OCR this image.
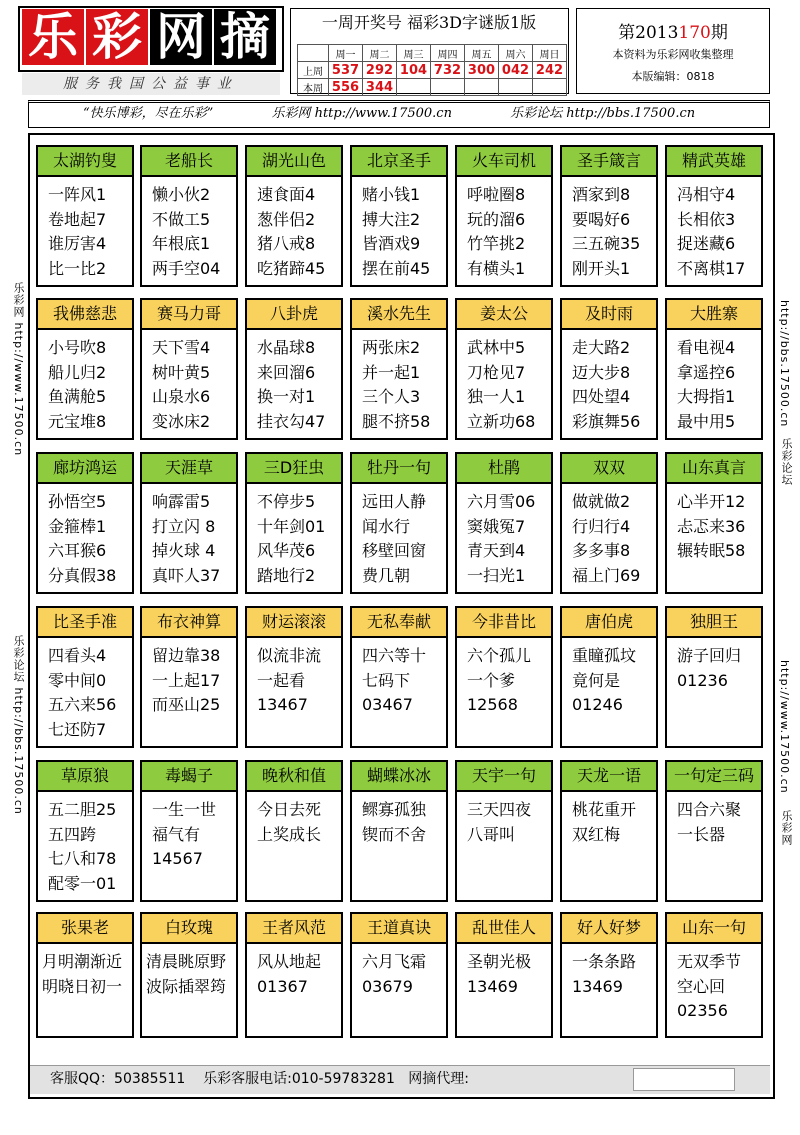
乐 彩 网 摘
服务我国公益事业
一周开奖号 福彩3D字谜版1版
	周一	周二	周三	周四	周五	周六	周日
上周	537	292	104	732	300	042	242
本周	556	344					
第2013170期
本资料为乐彩网收集整理
本版编辑：0818
“快乐博彩，尽在乐彩”	乐彩网 http://www.17500.cn	乐彩论坛 http://bbs.17500.cn
乐彩网 http://www.17500.cn
乐彩论坛 http://bbs.17500.cn
http://bbs.17500.cn
乐彩论坛
http://www.17500.cn
乐彩网
太湖钓叟
一阵风1
卷地起7
谁厉害4
比一比2
老船长
懒小伙2
不做工5
年根底1
两手空04
湖光山色
速食面4
葱伴侣2
猪八戒8
吃猪蹄45
北京圣手
赌小钱1
搏大注2
皆酒戏9
摆在前45
火车司机
呼啦圈8
玩的溜6
竹竿挑2
有横头1
圣手箴言
酒家到8
要喝好6
三五碗35
刚开头1
精武英雄
冯相守4
长相依3
捉迷藏6
不离棋17
我佛慈悲
小号吹8
船儿归2
鱼满舱5
元宝堆8
赛马力哥
天下雪4
树叶黄5
山泉水6
变冰床2
八卦虎
水晶球8
来回溜6
换一对1
挂衣勾47
溪水先生
两张床2
并一起1
三个人3
腿不挤58
姜太公
武林中5
刀枪见7
独一人1
立新功68
及时雨
走大路2
迈大步8
四处望4
彩旗舞56
大胜寨
看电视4
拿遥控6
大拇指1
最中用5
廊坊鸿运
孙悟空5
金箍棒1
六耳猴6
分真假38
天涯草
响霹雷5
打立闪 8
掉火球 4
真吓人37
三D狂虫
不停步5
十年剑01
风华茂6
踏地行2
牡丹一句
远田人静
闻水行
移壁回窗
费几朝
杜鹃
六月雪06
窦娥冤7
青天到4
一扫光1
双双
做就做2
行归行4
多多事8
福上门69
山东真言
心半开12
忐忑来36
辗转眠58
比圣手准
四看头4
零中间0
五六来56
七还防7
布衣神算
留边靠38
一上起17
而巫山25
财运滚滚
似流非流
一起看
13467
无私奉献
四六等十
七码下
03467
今非昔比
六个孤儿
一个爹
12568
唐伯虎
重瞳孤坟
竟何是
01246
独胆王
游子回归
01236
草原狼
五二胆25
五四跨
七八和78
配零一01
毒蝎子
一生一世
福气有
14567
晚秋和值
今日去死
上奖成长
蝴蝶冰冰
鳏寡孤独
锲而不舍
天宇一句
三天四夜
八哥叫
天龙一语
桃花重开
双红梅
一句定三码
四合六聚
一长器
张果老
月明潮渐近
明晓日初一
白玫瑰
清晨眺原野
波际插翠筠
王者风范
风从地起
01367
王道真诀
六月飞霜
03679
乱世佳人
圣朝光极
13469
好人好梦
一条条路
13469
山东一句
无双季节
空心回
02356
客服QQ：50385511 乐彩客服电话:010-59783281 网摘代理:
